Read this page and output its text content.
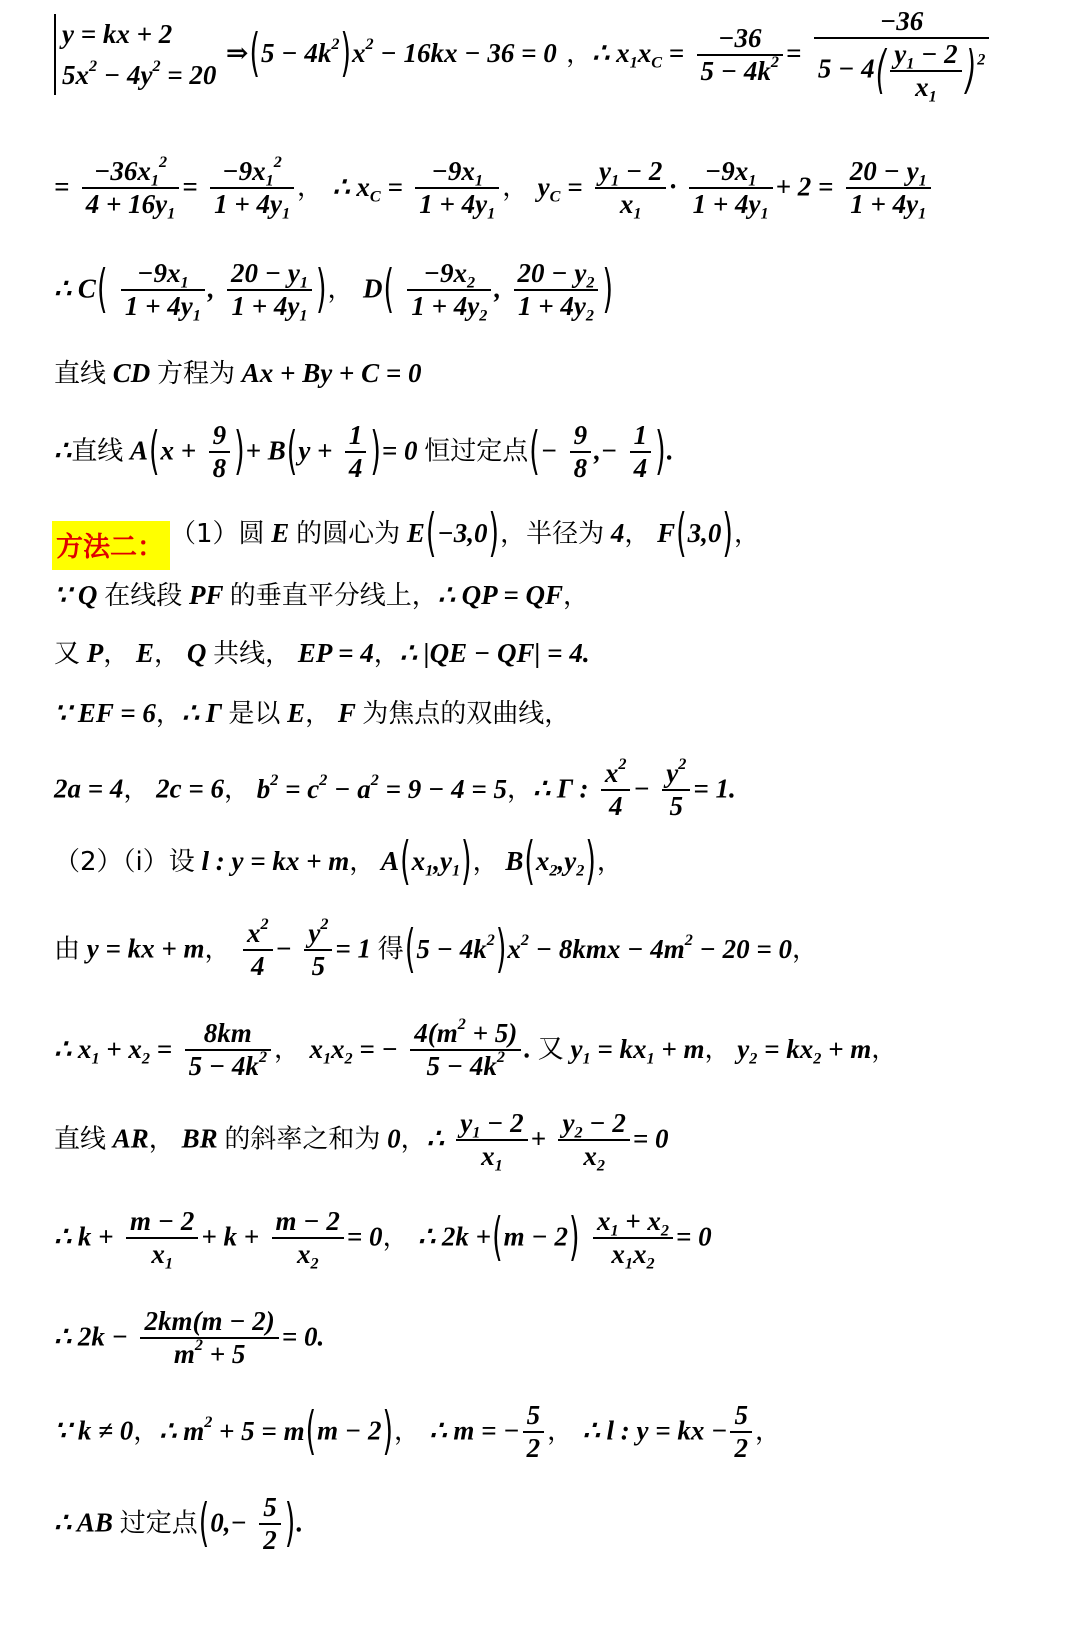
y = kx + 2
$5x^2 - 4y^2 = 20$ ⇒(5 − $4k^2)x^2 - 16kx - 36 = 0$ ，∴ $x_1x_C = \frac{-36}{5 - 4k^2} = \frac{-36}{5 - 4( \frac{y_1 - 2}{x_1} )^2}$
= $\frac{-36x_1^2}{4 + 16y_1} = \frac{-9x_1^2}{1 + 4y_1}$ ， ∴ $x_C = \frac{-9x_1}{1 + 4y_1}$ ， $y_C = \frac{y_1 - 2}{x_1} \cdot \frac{-9x_1}{1 + 4y_1} + 2 = \frac{20 - y_1}{1 + 4y_1}$
∴ $C( \frac{-9x_1}{1 + 4y_1}$ , $\frac{20 - y_1}{1 + 4y_1}$ )， $D( \frac{-9x_2}{1 + 4y_2}$ , $\frac{20 - y_2}{1 + 4y_2}$ )
直线 CD 方程为 Ax + By + C = 0
∴直线 $A(x + \frac{9}{8}$ )+ $B(y + \frac{1}{4}$ )= 0 恒过定点(− $\frac{9}{8}$ ,− $\frac{1}{4}$ ).
方法二： （1）圆 E 的圆心为 E(−3,0)，半径为 4， F(3,0)，
∵ Q 在线段 PF 的垂直平分线上，∴ QP = QF，
又 P， E， Q 共线， EP = 4，∴ |QE − QF| = 4.
∵ EF = 6，∴ Γ 是以 E， F 为焦点的双曲线，
2a = 4， 2c = 6， $b^2 = c^2 - a^2 = 9 - 4 = 5$，∴ Γ : $\frac{x^2}{4} - \frac{y^2}{5} = 1$.
（2）（i）设 l : y = kx + m， $A(x_1,y_1)$， $B(x_2,y_2)$，
由 y = kx + m， $\frac{x^2}{4} - \frac{y^2}{5} = 1$ 得$(5 - 4k^2)x^2 - 8kmx - 4m^2 - 20 = 0$，
∴ $x_1 + x_2 = \frac{8km}{5 - 4k^2}$ ， $x_1x_2$ = − $\frac{4(m^2 + 5)}{5 - 4k^2}$ . 又 $y_1 = kx_1 + m$， $y_2 = kx_2 + m$，
直线 AR， BR 的斜率之和为 0，∴ $\frac{y_1 - 2}{x_1} + \frac{y_2 - 2}{x_2} = 0$
∴ $k + \frac{m - 2}{x_1} + k + \frac{m - 2}{x_2} = 0$， ∴ $2k +(m - 2) \frac{x_1 + x_2}{x_1x_2} = 0$
∴ $2k - \frac{2km(m - 2)}{m^2 + 5} = 0$.
∵ k ≠ 0，∴ $m^2 + 5 = m(m - 2)$， ∴ m = − $\frac{5}{2}$ ， ∴ l : y = kx − $\frac{5}{2}$ ，
∴ AB 过定点($0,- \frac{5}{2}$ ).
